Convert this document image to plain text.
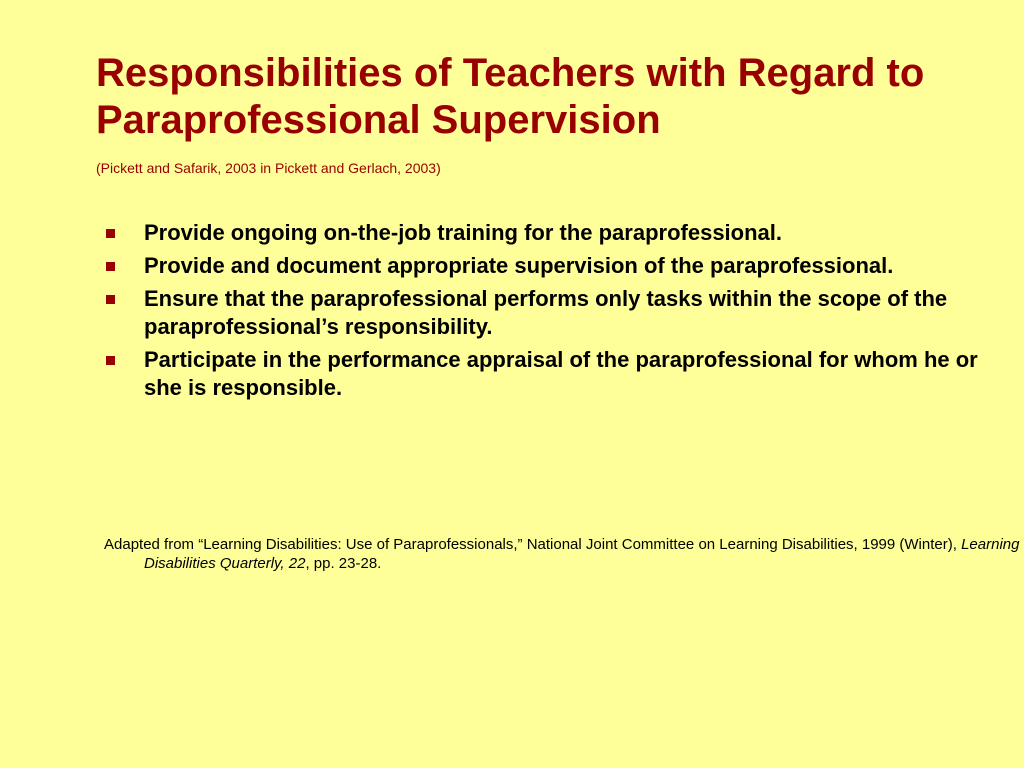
Responsibilities of Teachers with Regard to Paraprofessional Supervision

(Pickett and Safarik, 2003 in Pickett and Gerlach, 2003)

Provide ongoing on-the-job training for the paraprofessional.
Provide and document appropriate supervision of the paraprofessional.
Ensure that the paraprofessional performs only tasks within the scope of the paraprofessional’s responsibility.
Participate in the performance appraisal of the paraprofessional for whom he or she is responsible.

Adapted from “Learning Disabilities: Use of Paraprofessionals,” National Joint Committee on Learning Disabilities, 1999 (Winter), Learning Disabilities Quarterly, 22, pp. 23-28.
